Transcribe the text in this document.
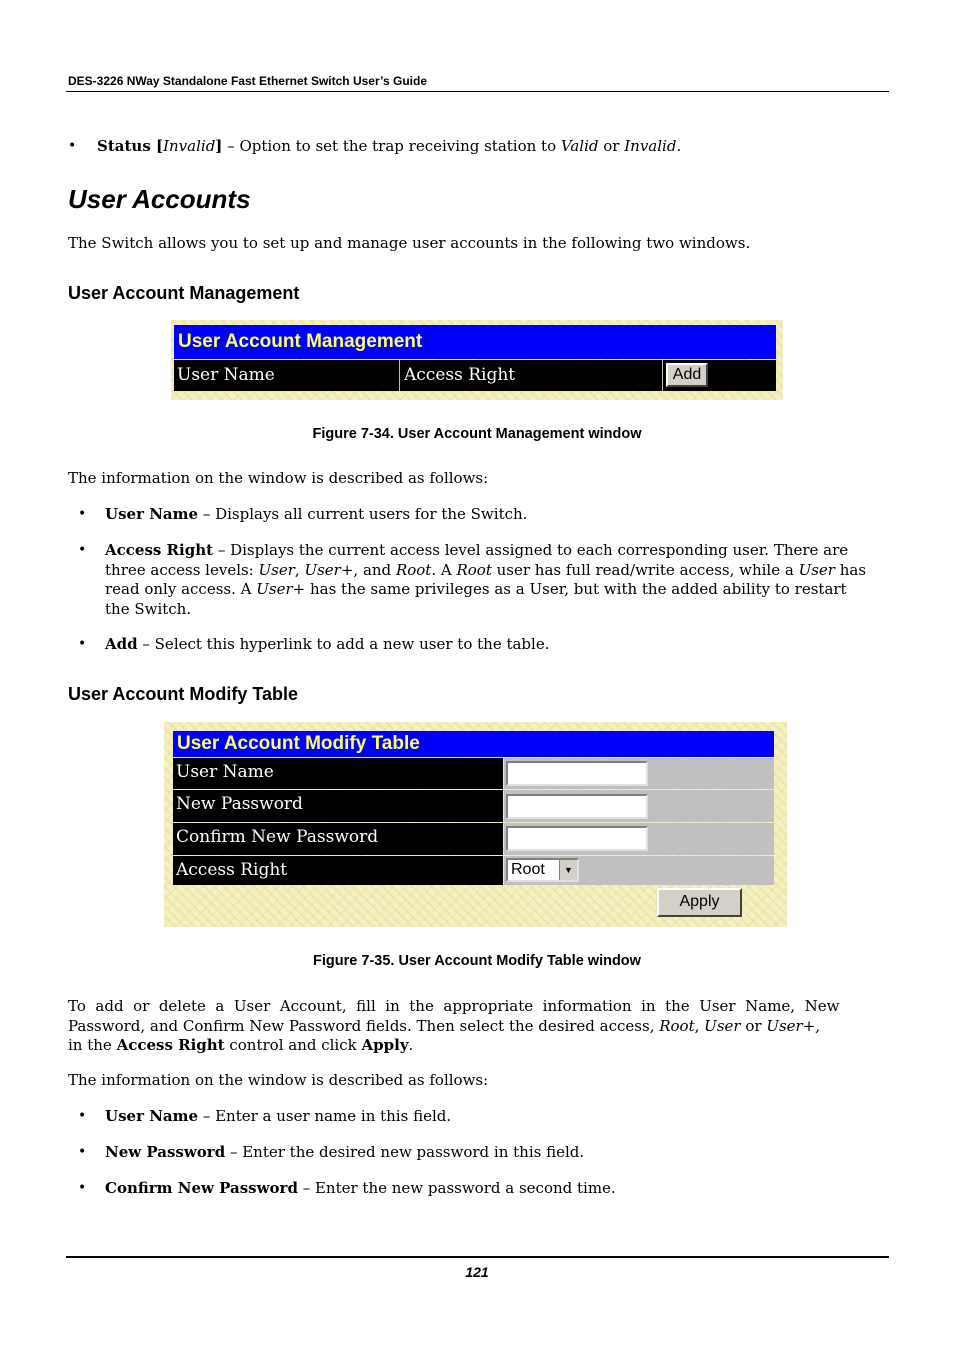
DES-3226 NWay Standalone Fast Ethernet Switch User’s Guide
• Status [Invalid] – Option to set the trap receiving station to Valid or Invalid.
User Accounts
The Switch allows you to set up and manage user accounts in the following two windows.
User Account Management
User Account Management
User Name	Access Right	Add
Figure 7-34. User Account Management window
The information on the window is described as follows:
• User Name – Displays all current users for the Switch.
• Access Right – Displays the current access level assigned to each corresponding user. There are
three access levels: User, User+, and Root. A Root user has full read/write access, while a User has
read only access. A User+ has the same privileges as a User, but with the added ability to restart
the Switch.
• Add – Select this hyperlink to add a new user to the table.
User Account Modify Table
User Account Modify Table
User Name
New Password
Confirm New Password
Access Right	Root	▼
Apply
Figure 7-35. User Account Modify Table window
To  add  or  delete  a  User  Account,  fill  in  the  appropriate  information  in  the  User  Name,  New
Password, and Confirm New Password fields. Then select the desired access, Root, User or User+,
in the Access Right control and click Apply.
The information on the window is described as follows:
• User Name – Enter a user name in this field.
• New Password – Enter the desired new password in this field.
• Confirm New Password – Enter the new password a second time.
121
